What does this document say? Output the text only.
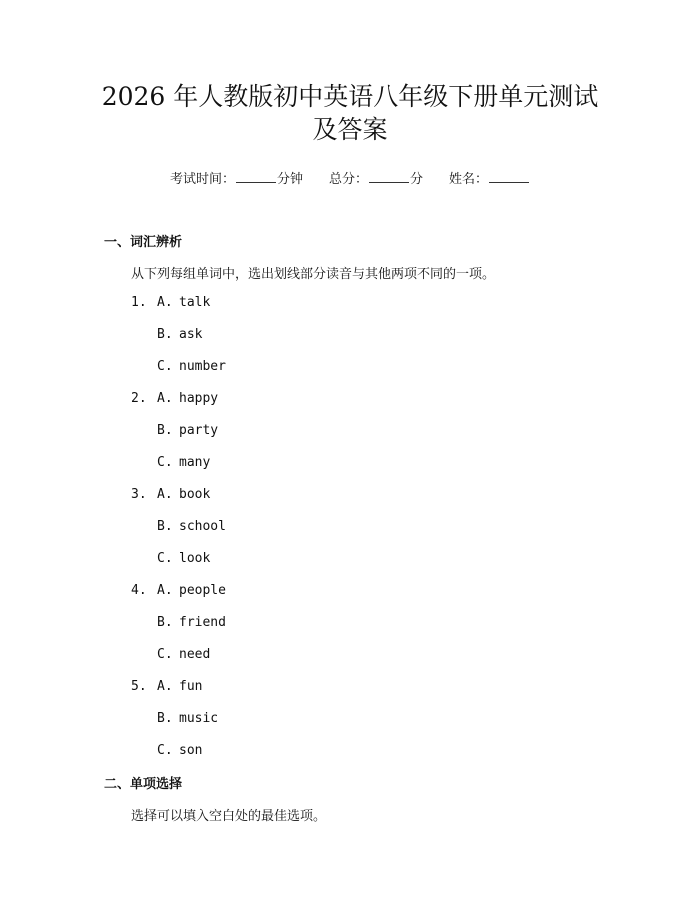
2026 年人教版初中英语八年级下册单元测试
及答案
考试时间：	分钟 总分：	分 姓名：
一、词汇辨析

从下列每组单词中，选出划线部分读音与其他两项不同的一项。

1. A. talk
B. ask
C. number
2. A. happy
B. party
C. many
3. A. book
B. school
C. look
4. A. people
B. friend
C. need
5. A. fun
B. music
C. son
二、单项选择

选择可以填入空白处的最佳选项。
